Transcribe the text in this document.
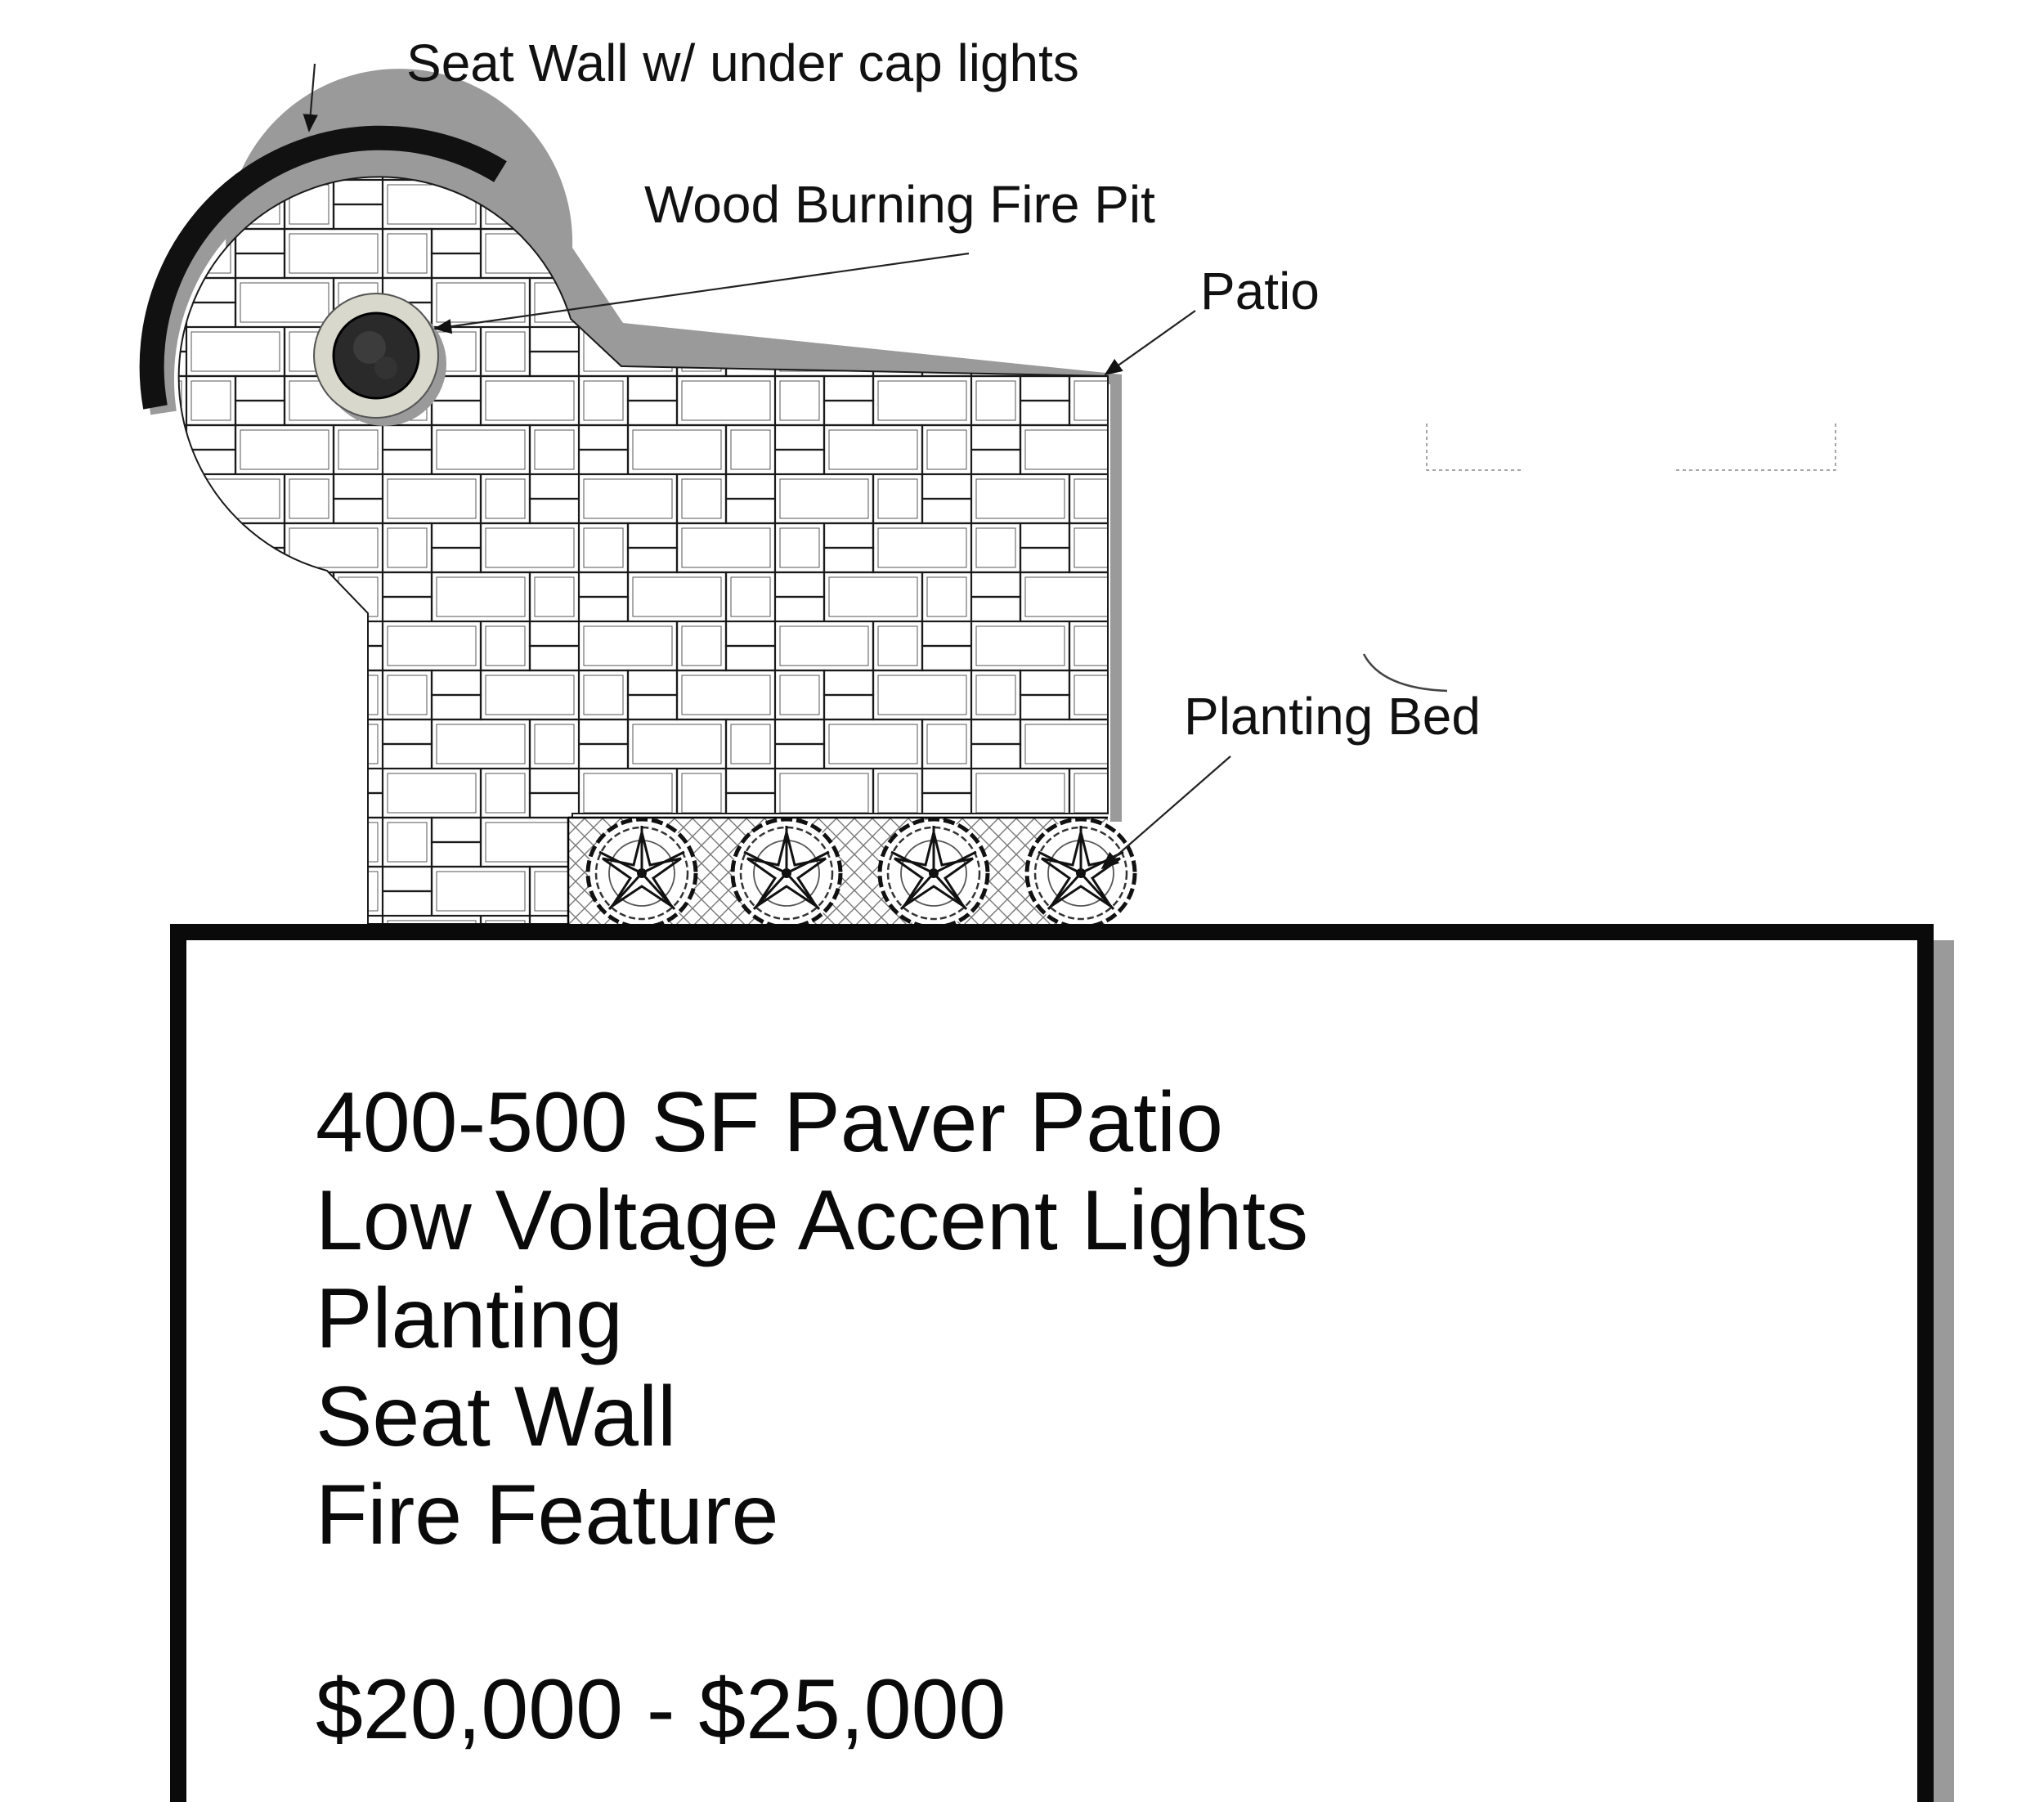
Seat Wall w/ under cap lights
Wood Burning Fire Pit
Patio
Planting Bed
400-500 SF Paver Patio
Low Voltage Accent Lights
Planting
Seat Wall
Fire Feature
$20,000 - $25,000
